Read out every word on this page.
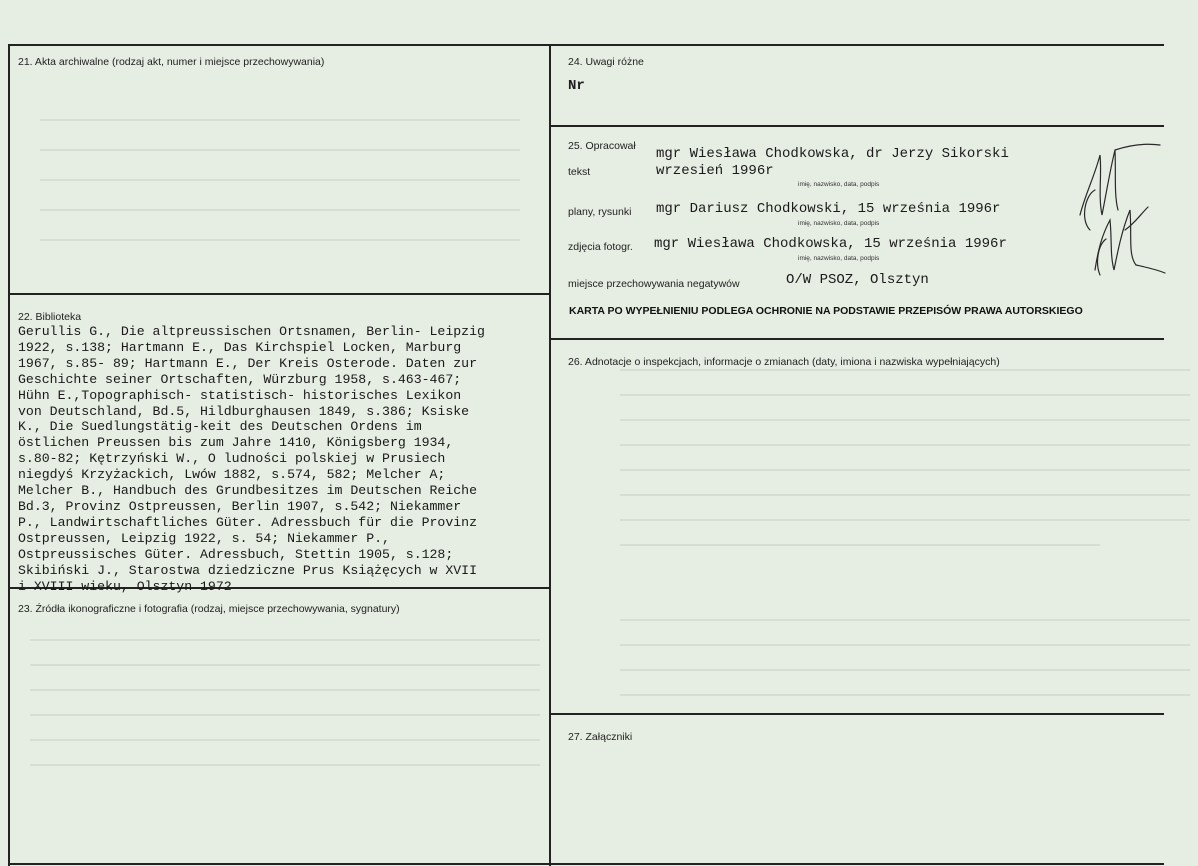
21. Akta archiwalne (rodzaj akt, numer i miejsce przechowywania)
22. Biblioteka
Gerullis G., Die altpreussischen Ortsnamen, Berlin- Leipzig
1922, s.138; Hartmann E., Das Kirchspiel Locken, Marburg
1967, s.85- 89; Hartmann E., Der Kreis Osterode. Daten zur
Geschichte seiner Ortschaften, Würzburg 1958, s.463-467;
Hühn E.,Topographisch- statistisch- historisches Lexikon
von Deutschland, Bd.5, Hildburghausen 1849, s.386; Ksiske
K., Die Suedlungstätig-keit des Deutschen Ordens im
östlichen Preussen bis zum Jahre 1410, Königsberg 1934,
s.80-82; Kętrzyński W., O ludności polskiej w Prusiech
niegdyś Krzyżackich, Lwów 1882, s.574, 582; Melcher A;
Melcher B., Handbuch des Grundbesitzes im Deutschen Reiche
Bd.3, Provinz Ostpreussen, Berlin 1907, s.542; Niekammer
P., Landwirtschaftliches Güter. Adressbuch für die Provinz
Ostpreussen, Leipzig 1922, s. 54; Niekammer P.,
Ostpreussisches Güter. Adressbuch, Stettin 1905, s.128;
Skibiński J., Starostwa dziedziczne Prus Książęcych w XVII
i XVIII wieku, Olsztyn 1972
23. Źródła ikonograficzne i fotografia (rodzaj, miejsce przechowywania, sygnatury)
24. Uwagi różne
Nr
25. Opracował
tekst
mgr Wiesława Chodkowska, dr Jerzy Sikorski
wrzesień 1996r
imię, nazwisko, data, podpis
plany, rysunki mgr Dariusz Chodkowski, 15 września 1996r
imię, nazwisko, data, podpis
zdjęcia fotogr. mgr Wiesława Chodkowska, 15 września 1996r
imię, nazwisko, data, podpis
miejsce przechowywania negatywów	O/W PSOZ, Olsztyn
KARTA PO WYPEŁNIENIU PODLEGA OCHRONIE NA PODSTAWIE PRZEPISÓW PRAWA AUTORSKIEGO
26. Adnotacje o inspekcjach, informacje o zmianach (daty, imiona i nazwiska wypełniających)
27. Załączniki
